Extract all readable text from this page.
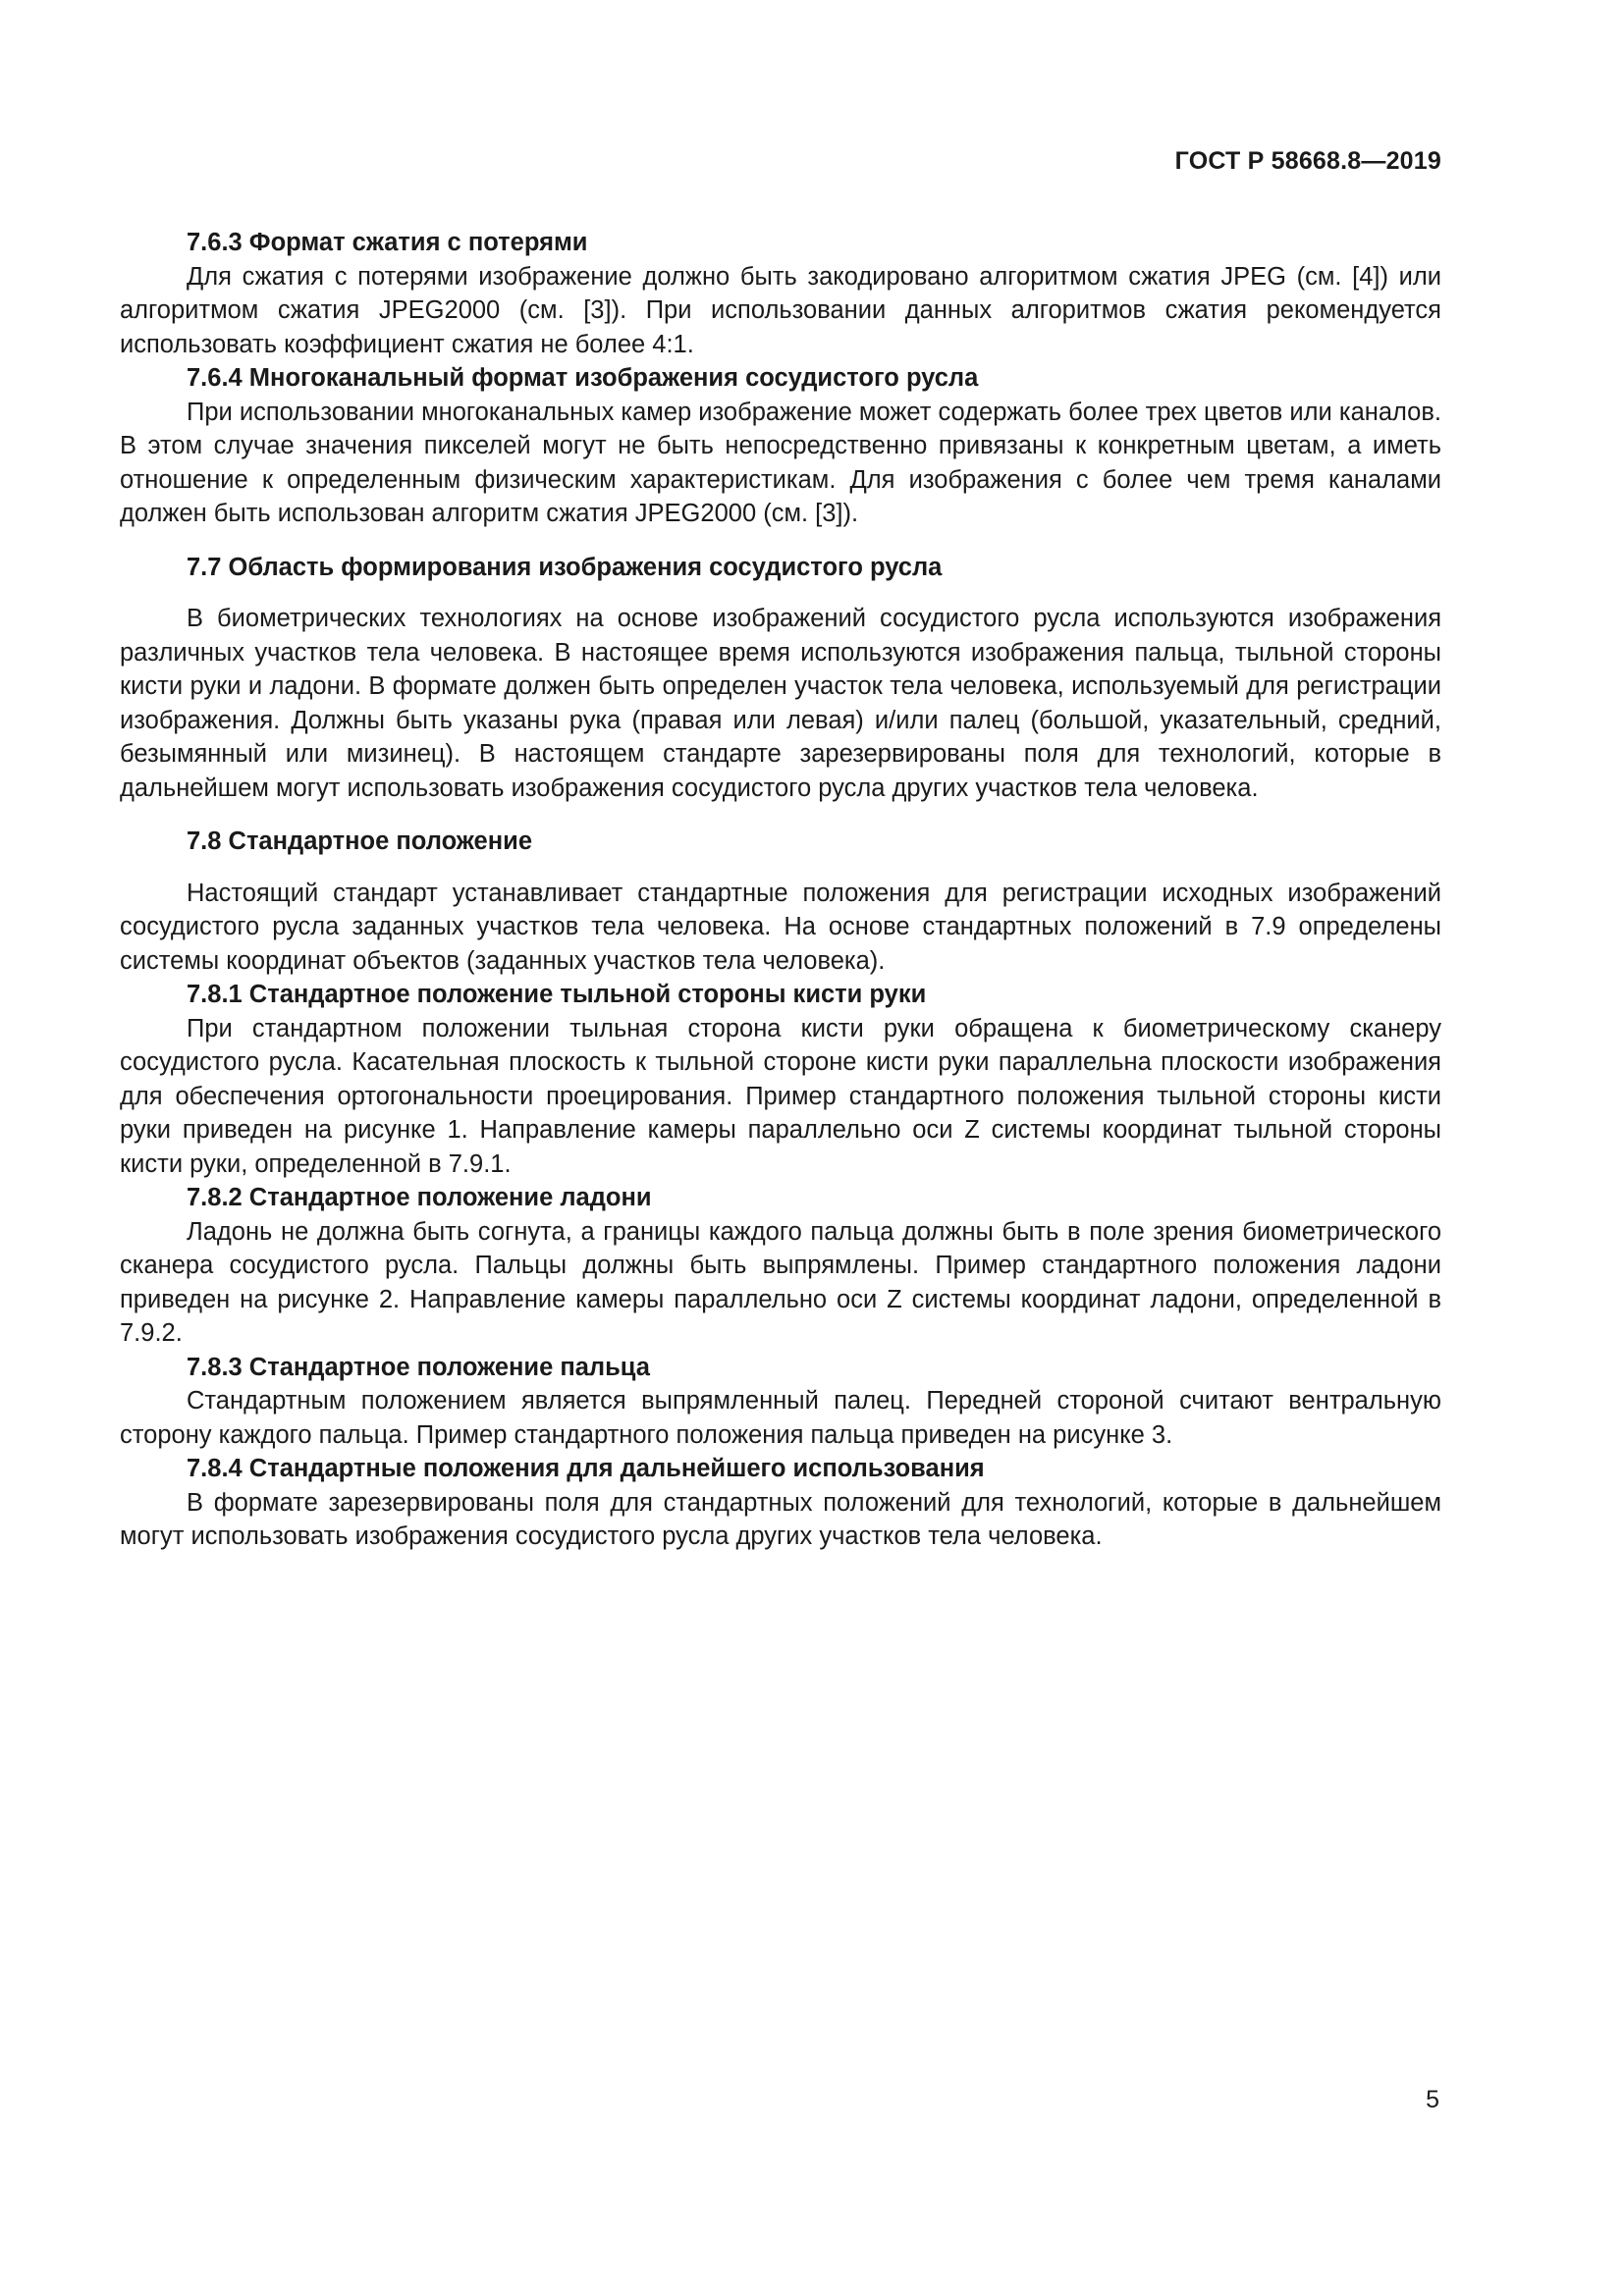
ГОСТ Р 58668.8—2019
7.6.3 Формат сжатия с потерями
Для сжатия с потерями изображение должно быть закодировано алгоритмом сжатия JPEG (см. [4]) или алгоритмом сжатия JPEG2000 (см. [3]). При использовании данных алгоритмов сжатия рекомендуется использовать коэффициент сжатия не более 4:1.
7.6.4 Многоканальный формат изображения сосудистого русла
При использовании многоканальных камер изображение может содержать более трех цветов или каналов. В этом случае значения пикселей могут не быть непосредственно привязаны к конкретным цветам, а иметь отношение к определенным физическим характеристикам. Для изображения с более чем тремя каналами должен быть использован алгоритм сжатия JPEG2000 (см. [3]).
7.7 Область формирования изображения сосудистого русла
В биометрических технологиях на основе изображений сосудистого русла используются изображения различных участков тела человека. В настоящее время используются изображения пальца, тыльной стороны кисти руки и ладони. В формате должен быть определен участок тела человека, используемый для регистрации изображения. Должны быть указаны рука (правая или левая) и/или палец (большой, указательный, средний, безымянный или мизинец). В настоящем стандарте зарезервированы поля для технологий, которые в дальнейшем могут использовать изображения сосудистого русла других участков тела человека.
7.8 Стандартное положение
Настоящий стандарт устанавливает стандартные положения для регистрации исходных изображений сосудистого русла заданных участков тела человека. На основе стандартных положений в 7.9 определены системы координат объектов (заданных участков тела человека).
7.8.1 Стандартное положение тыльной стороны кисти руки
При стандартном положении тыльная сторона кисти руки обращена к биометрическому сканеру сосудистого русла. Касательная плоскость к тыльной стороне кисти руки параллельна плоскости изображения для обеспечения ортогональности проецирования. Пример стандартного положения тыльной стороны кисти руки приведен на рисунке 1. Направление камеры параллельно оси Z системы координат тыльной стороны кисти руки, определенной в 7.9.1.
7.8.2 Стандартное положение ладони
Ладонь не должна быть согнута, а границы каждого пальца должны быть в поле зрения биометрического сканера сосудистого русла. Пальцы должны быть выпрямлены. Пример стандартного положения ладони приведен на рисунке 2. Направление камеры параллельно оси Z системы координат ладони, определенной в 7.9.2.
7.8.3 Стандартное положение пальца
Стандартным положением является выпрямленный палец. Передней стороной считают вентральную сторону каждого пальца. Пример стандартного положения пальца приведен на рисунке 3.
7.8.4 Стандартные положения для дальнейшего использования
В формате зарезервированы поля для стандартных положений для технологий, которые в дальнейшем могут использовать изображения сосудистого русла других участков тела человека.
5
